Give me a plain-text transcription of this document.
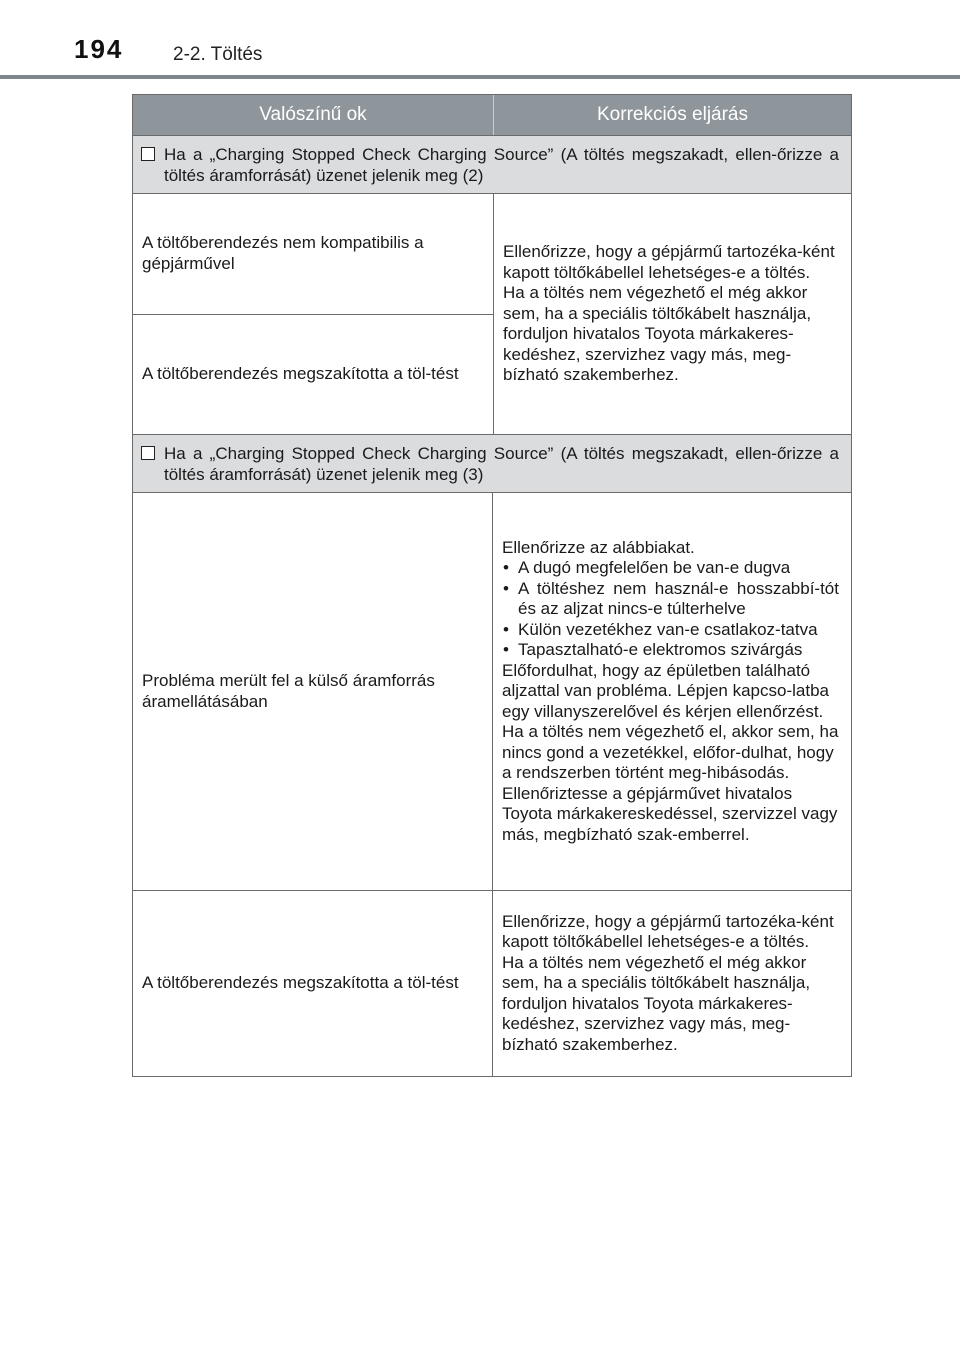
194	2-2. Töltés
Valószínű ok	Korrekciós eljárás
Ha a „Charging Stopped Check Charging Source” (A töltés megszakadt, ellen-őrizze a töltés áramforrását) üzenet jelenik meg (2)
A töltőberendezés nem kompatibilis a gépjárművel
A töltőberendezés megszakította a töl-tést
Ellenőrizze, hogy a gépjármű tartozéka-ként kapott töltőkábellel lehetséges-e a töltés.
Ha a töltés nem végezhető el még akkor sem, ha a speciális töltőkábelt használja, forduljon hivatalos Toyota márkakeres-kedéshez, szervizhez vagy más, meg-bízható szakemberhez.
Ha a „Charging Stopped Check Charging Source” (A töltés megszakadt, ellen-őrizze a töltés áramforrását) üzenet jelenik meg (3)
Probléma merült fel a külső áramforrás áramellátásában
Ellenőrizze az alábbiakat.
• A dugó megfelelően be van-e dugva
• A töltéshez nem használ-e hosszabbí-tót és az aljzat nincs-e túlterhelve
• Külön vezetékhez van-e csatlakoz-tatva
• Tapasztalható-e elektromos szivárgás
Előfordulhat, hogy az épületben található aljzattal van probléma. Lépjen kapcso-latba egy villanyszerelővel és kérjen ellenőrzést.
Ha a töltés nem végezhető el, akkor sem, ha nincs gond a vezetékkel, előfor-dulhat, hogy a rendszerben történt meg-hibásodás. Ellenőriztesse a gépjárművet hivatalos Toyota márkakereskedéssel, szervizzel vagy más, megbízható szak-emberrel.
A töltőberendezés megszakította a töl-tést
Ellenőrizze, hogy a gépjármű tartozéka-ként kapott töltőkábellel lehetséges-e a töltés.
Ha a töltés nem végezhető el még akkor sem, ha a speciális töltőkábelt használja, forduljon hivatalos Toyota márkakeres-kedéshez, szervizhez vagy más, meg-bízható szakemberhez.
